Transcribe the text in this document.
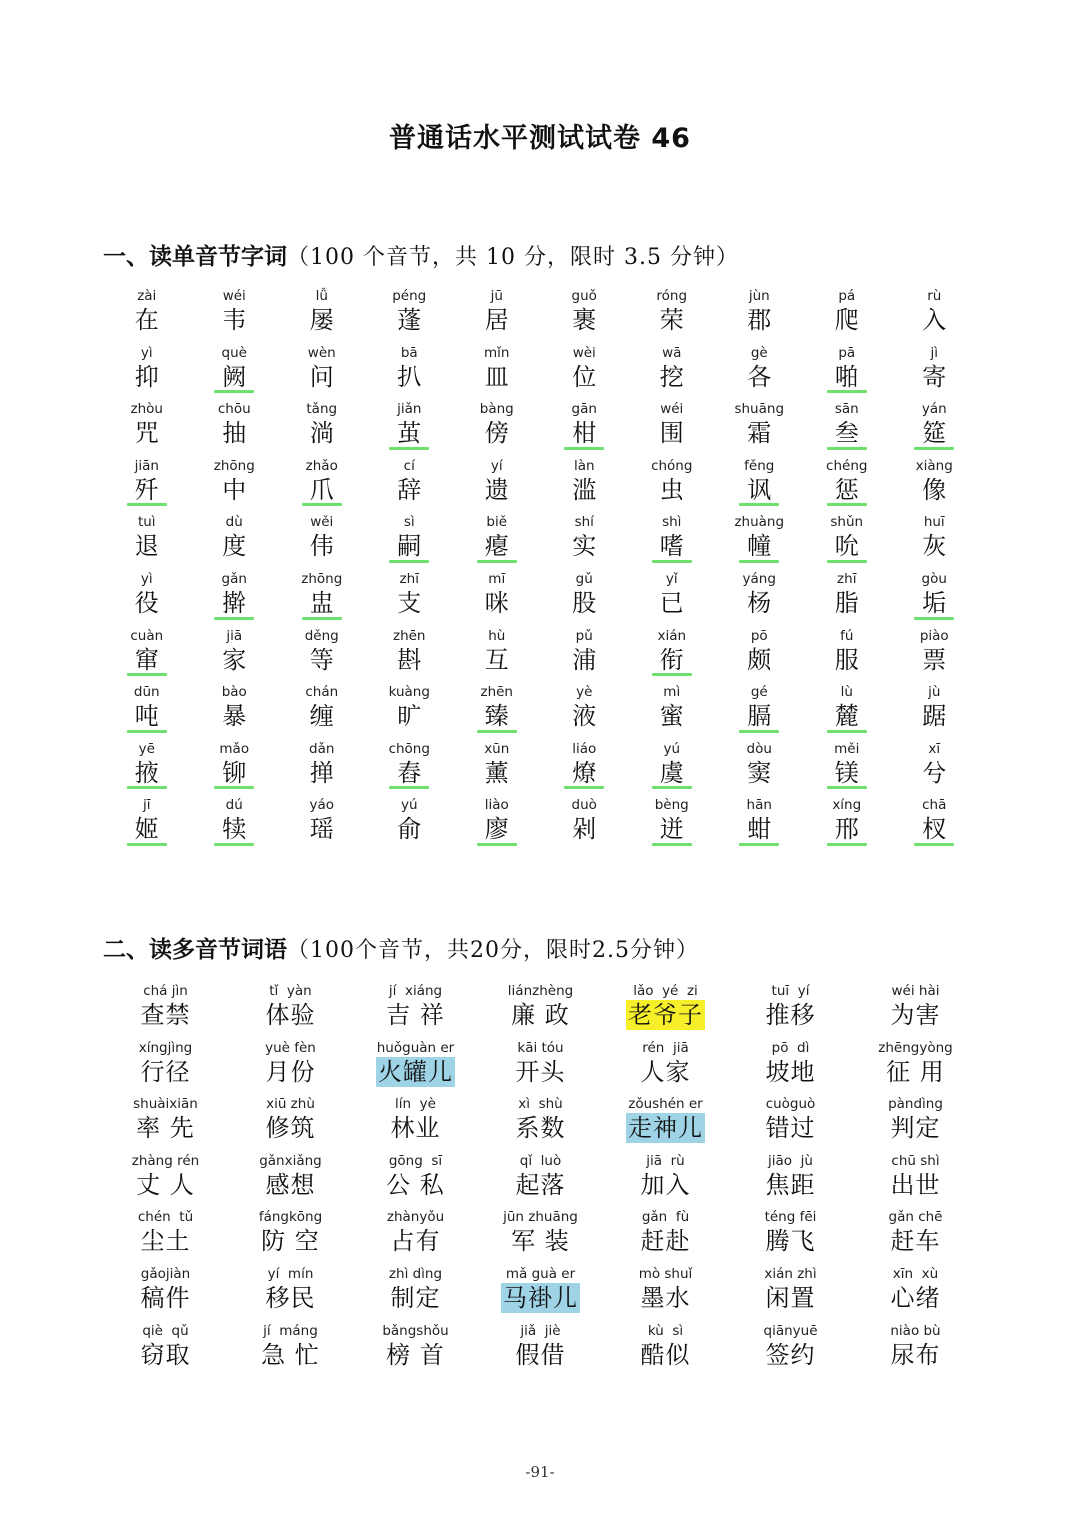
普通话水平测试试卷 46
一、读单音节字词（100 个音节，共 10 分，限时 3.5 分钟）
zài
在
wéi
韦
lǚ
屡
péng
蓬
jū
居
guǒ
裹
róng
荣
jùn
郡
pá
爬
rù
入
yì
抑
què
阙
wèn
问
bā
扒
mǐn
皿
wèi
位
wā
挖
gè
各
pā
啪
jì
寄
zhòu
咒
chōu
抽
tǎng
淌
jiǎn
茧
bàng
傍
gān
柑
wéi
围
shuāng
霜
sān
叁
yán
筵
jiān
歼
zhōng
中
zhǎo
爪
cí
辞
yí
遗
làn
滥
chóng
虫
fěng
讽
chéng
惩
xiàng
像
tuì
退
dù
度
wěi
伟
sì
嗣
biě
瘪
shí
实
shì
嗜
zhuàng
幢
shǔn
吮
huī
灰
yì
役
gǎn
擀
zhōng
盅
zhī
支
mī
咪
gǔ
股
yǐ
已
yáng
杨
zhī
脂
gòu
垢
cuàn
窜
jiā
家
děng
等
zhēn
斟
hù
互
pǔ
浦
xián
衔
pō
颇
fú
服
piào
票
dūn
吨
bào
暴
chán
缠
kuàng
旷
zhēn
臻
yè
液
mì
蜜
gé
膈
lù
麓
jù
踞
yē
掖
mǎo
铆
dǎn
掸
chōng
舂
xūn
薰
liáo
燎
yú
虞
dòu
窦
měi
镁
xī
兮
jī
姬
dú
犊
yáo
瑶
yú
俞
liào
廖
duò
剁
bèng
迸
hān
蚶
xíng
邢
chā
杈
二、读多音节词语（100个音节，共20分，限时2.5分钟）
chá jìn
查禁
tǐ  yàn
体验
jí  xiáng
吉 祥
liánzhèng
廉 政
lǎo  yé  zi
老爷子
tuī  yí
推移
wéi hài
为害
xíngjìng
行径
yuè fèn
月份
huǒguàn er
火罐儿
kāi tóu
开头
rén  jiā
人家
pō  dì
坡地
zhēngyòng
征 用
shuàixiān
率 先
xiū zhù
修筑
lín  yè
林业
xì  shù
系数
zǒushén er
走神儿
cuòguò
错过
pàndìng
判定
zhàng rén
丈 人
gǎnxiǎng
感想
gōng  sī
公 私
qǐ  luò
起落
jiā  rù
加入
jiāo  jù
焦距
chū shì
出世
chén  tǔ
尘土
fángkōng
防 空
zhànyǒu
占有
jūn zhuāng
军 装
gǎn  fù
赶赴
téng fēi
腾飞
gǎn chē
赶车
gǎojiàn
稿件
yí  mín
移民
zhì dìng
制定
mǎ guà er
马褂儿
mò shuǐ
墨水
xián zhì
闲置
xīn  xù
心绪
qiè  qǔ
窃取
jí  máng
急 忙
bǎngshǒu
榜 首
jiǎ  jiè
假借
kù  sì
酷似
qiānyuē
签约
niào bù
尿布
-91-
